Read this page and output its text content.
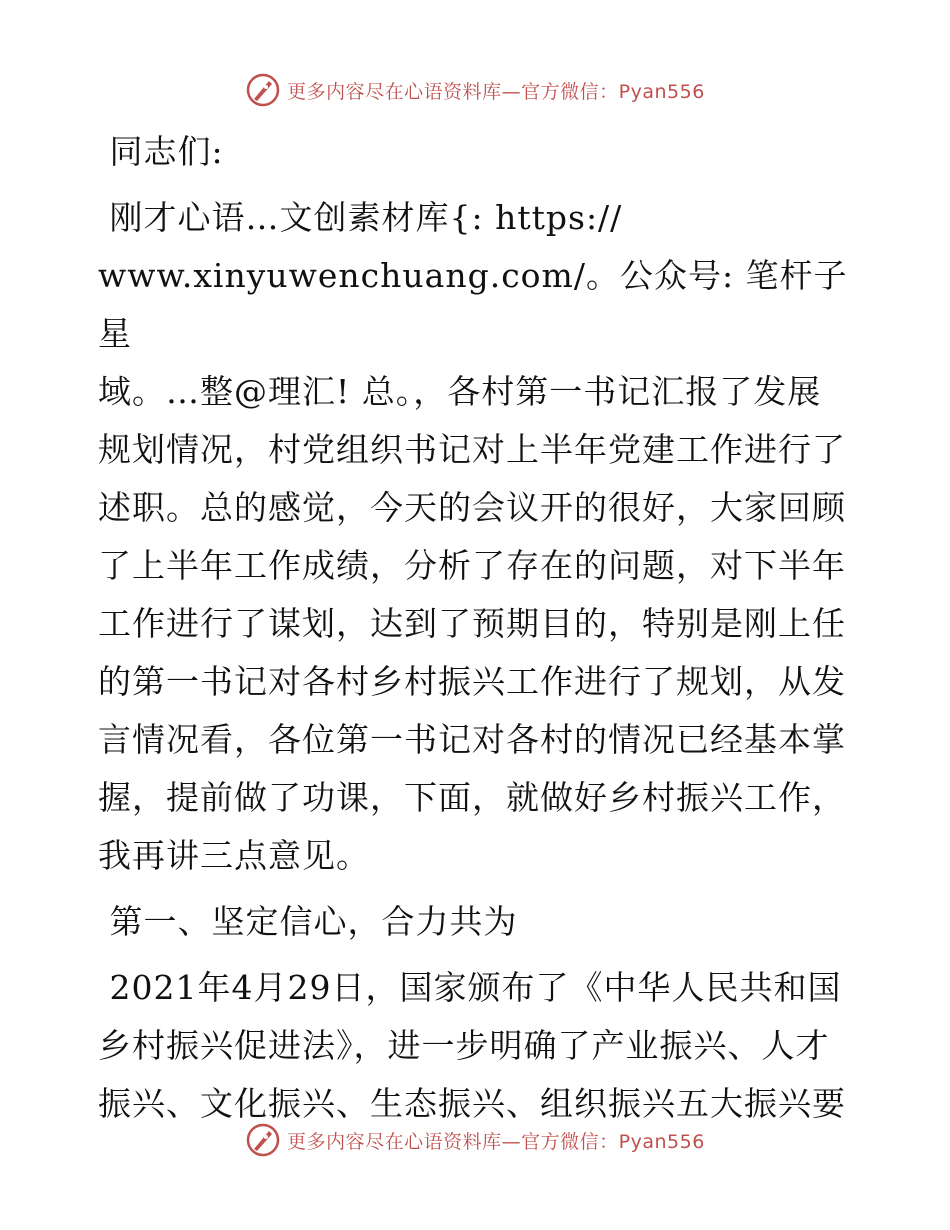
更多内容尽在心语资料库—官方微信：Pyan556

同志们:

刚才心语…文创素材库{: https://
www.xinyuwenchuang.com/。公众号: 笔杆子星
域。…整@理汇! 总。，各村第一书记汇报了发展
规划情况，村党组织书记对上半年党建工作进行了
述职。总的感觉，今天的会议开的很好，大家回顾
了上半年工作成绩，分析了存在的问题，对下半年
工作进行了谋划，达到了预期目的，特别是刚上任
的第一书记对各村乡村振兴工作进行了规划，从发
言情况看，各位第一书记对各村的情况已经基本掌
握，提前做了功课，下面，就做好乡村振兴工作，
我再讲三点意见。

第一、坚定信心，合力共为

2021年4月29日，国家颁布了《中华人民共和国
乡村振兴促进法》，进一步明确了产业振兴、人才
振兴、文化振兴、生态振兴、组织振兴五大振兴要

更多内容尽在心语资料库—官方微信：Pyan556
